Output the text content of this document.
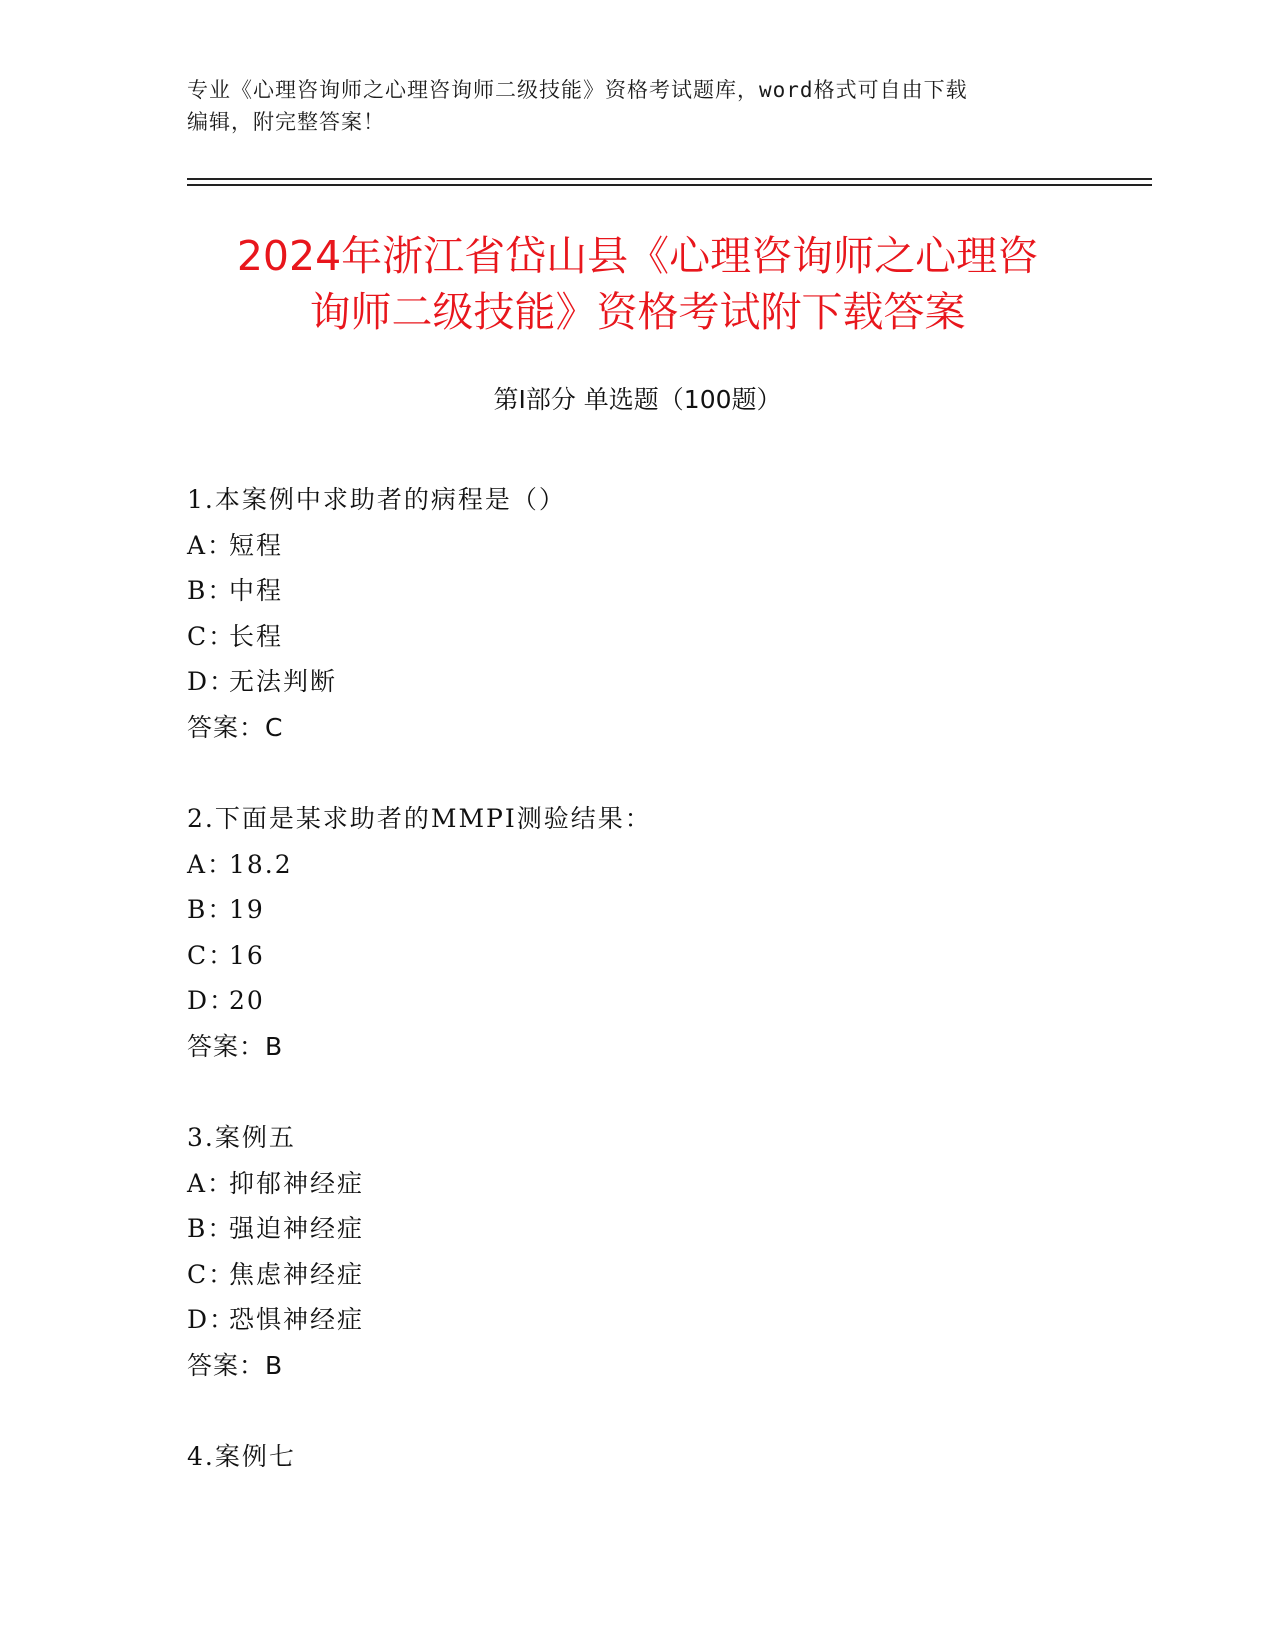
专业《心理咨询师之心理咨询师二级技能》资格考试题库，word格式可自由下载
编辑，附完整答案！
2024年浙江省岱山县《心理咨询师之心理咨
询师二级技能》资格考试附下载答案
第Ⅰ部分 单选题（100题）
1.本案例中求助者的病程是（）
A：短程
B：中程
C：长程
D：无法判断
答案：C
2.下面是某求助者的MMPI测验结果：
A：18.2
B：19
C：16
D：20
答案：B
3.案例五
A：抑郁神经症
B：强迫神经症
C：焦虑神经症
D：恐惧神经症
答案：B
4.案例七
